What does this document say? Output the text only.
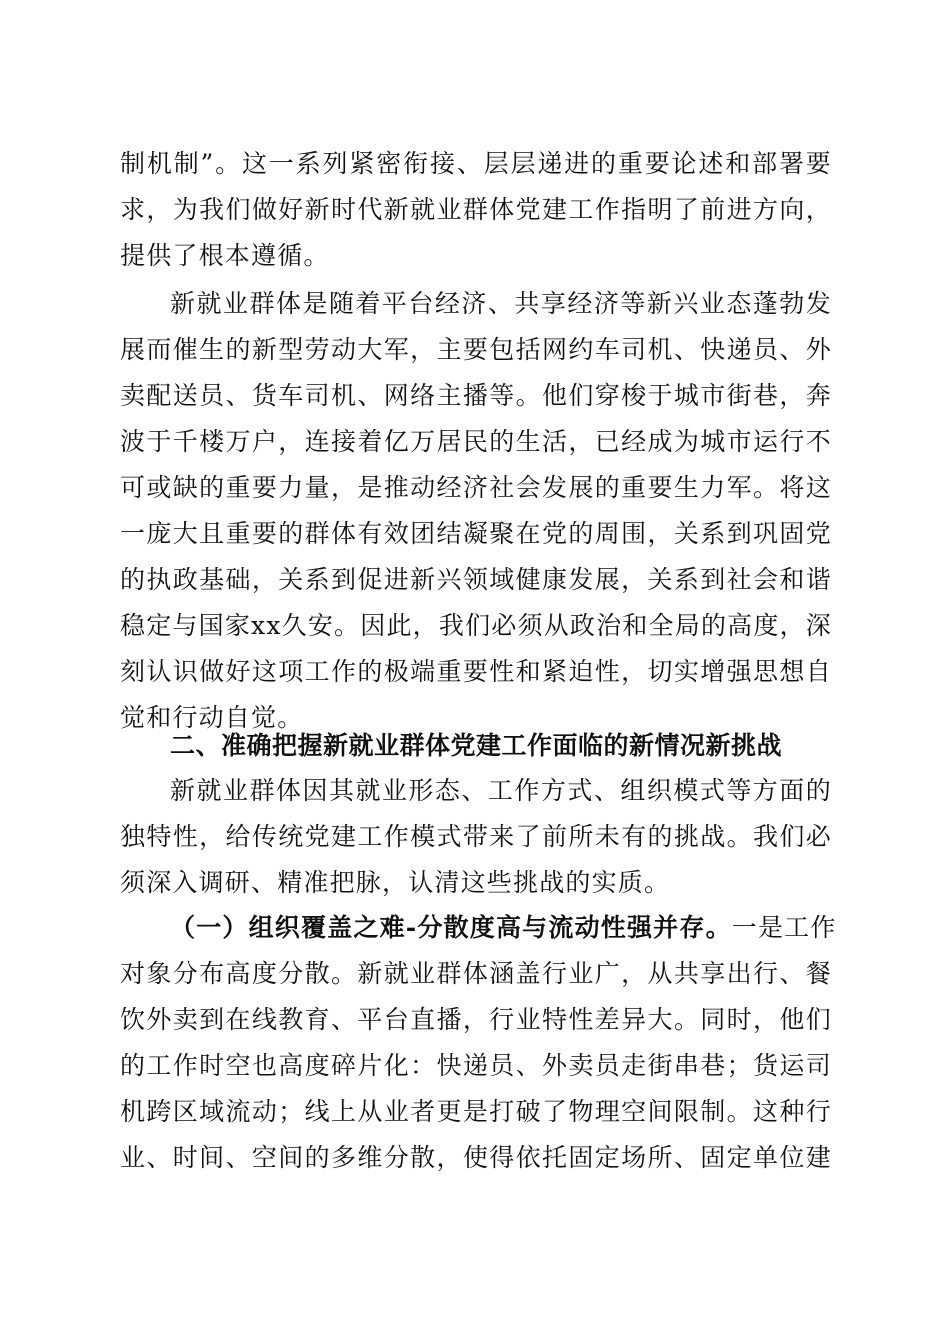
制机制”。这一系列紧密衔接、层层递进的重要论述和部署要
求，为我们做好新时代新就业群体党建工作指明了前进方向，
提供了根本遵循。
新就业群体是随着平台经济、共享经济等新兴业态蓬勃发
展而催生的新型劳动大军，主要包括网约车司机、快递员、外
卖配送员、货车司机、网络主播等。他们穿梭于城市街巷，奔
波于千楼万户，连接着亿万居民的生活，已经成为城市运行不
可或缺的重要力量，是推动经济社会发展的重要生力军。将这
一庞大且重要的群体有效团结凝聚在党的周围，关系到巩固党
的执政基础，关系到促进新兴领域健康发展，关系到社会和谐
稳定与国家xx久安。因此，我们必须从政治和全局的高度，深
刻认识做好这项工作的极端重要性和紧迫性，切实增强思想自
觉和行动自觉。
二、准确把握新就业群体党建工作面临的新情况新挑战
新就业群体因其就业形态、工作方式、组织模式等方面的
独特性，给传统党建工作模式带来了前所未有的挑战。我们必
须深入调研、精准把脉，认清这些挑战的实质。
（一）组织覆盖之难-分散度高与流动性强并存。一是工作
对象分布高度分散。新就业群体涵盖行业广，从共享出行、餐
饮外卖到在线教育、平台直播，行业特性差异大。同时，他们
的工作时空也高度碎片化：快递员、外卖员走街串巷；货运司
机跨区域流动；线上从业者更是打破了物理空间限制。这种行
业、时间、空间的多维分散，使得依托固定场所、固定单位建
